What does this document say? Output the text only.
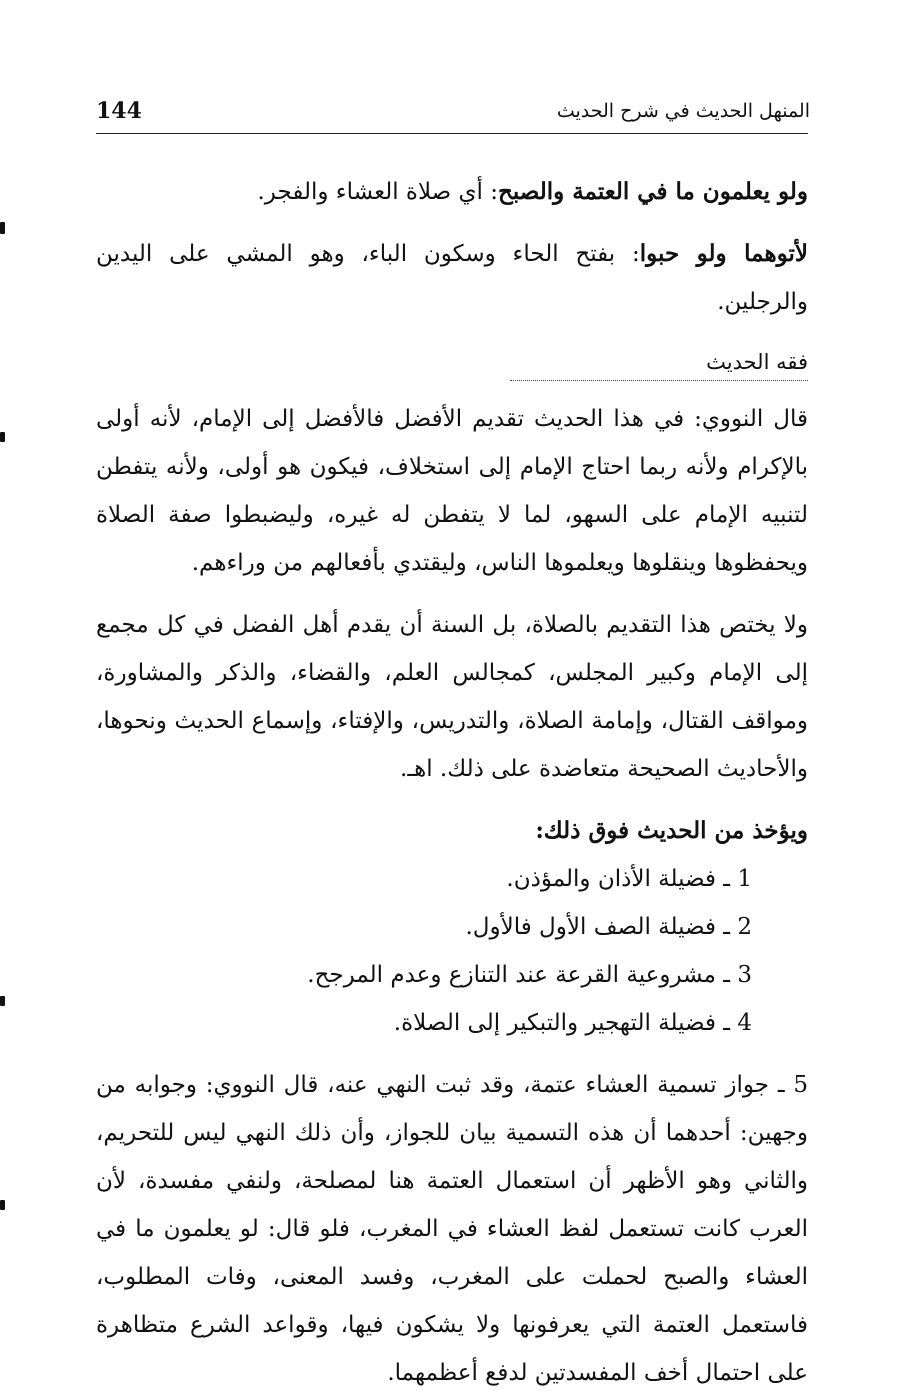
144	المنهل الحديث في شرح الحديث

ولو يعلمون ما في العتمة والصبح: أي صلاة العشاء والفجر.

لأتوهما ولو حبوا: بفتح الحاء وسكون الباء، وهو المشي على اليدين والرجلين.

فقه الحديث

قال النووي: في هذا الحديث تقديم الأفضل فالأفضل إلى الإمام، لأنه أولى بالإكرام ولأنه ربما احتاج الإمام إلى استخلاف، فيكون هو أولى، ولأنه يتفطن لتنبيه الإمام على السهو، لما لا يتفطن له غيره، وليضبطوا صفة الصلاة ويحفظوها وينقلوها ويعلموها الناس، وليقتدي بأفعالهم من وراءهم.

ولا يختص هذا التقديم بالصلاة، بل السنة أن يقدم أهل الفضل في كل مجمع إلى الإمام وكبير المجلس، كمجالس العلم، والقضاء، والذكر والمشاورة، ومواقف القتال، وإمامة الصلاة، والتدريس، والإفتاء، وإسماع الحديث ونحوها، والأحاديث الصحيحة متعاضدة على ذلك. اهـ.

ويؤخذ من الحديث فوق ذلك:

1 ـ فضيلة الأذان والمؤذن.

2 ـ فضيلة الصف الأول فالأول.

3 ـ مشروعية القرعة عند التنازع وعدم المرجح.

4 ـ فضيلة التهجير والتبكير إلى الصلاة.

5 ـ جواز تسمية العشاء عتمة، وقد ثبت النهي عنه، قال النووي: وجوابه من وجهين: أحدهما أن هذه التسمية بيان للجواز، وأن ذلك النهي ليس للتحريم، والثاني وهو الأظهر أن استعمال العتمة هنا لمصلحة، ولنفي مفسدة، لأن العرب كانت تستعمل لفظ العشاء في المغرب، فلو قال: لو يعلمون ما في العشاء والصبح لحملت على المغرب، وفسد المعنى، وفات المطلوب، فاستعمل العتمة التي يعرفونها ولا يشكون فيها، وقواعد الشرع متظاهرة على احتمال أخف المفسدتين لدفع أعظمهما.
